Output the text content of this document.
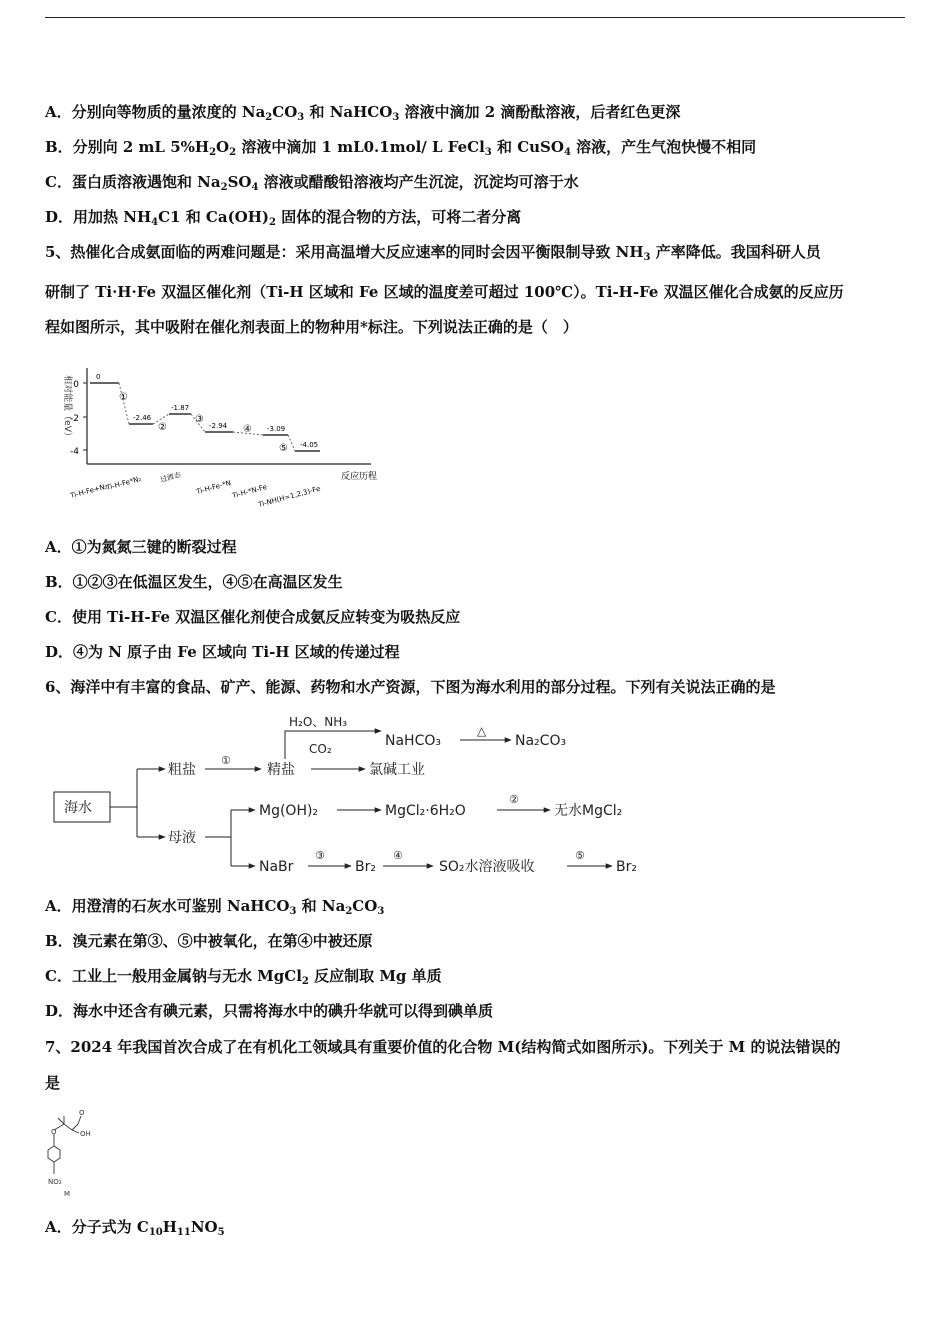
A．分别向等物质的量浓度的 $Na_2CO_3$ 和 NaHCO$_3$ 溶液中滴加 2 滴酚酞溶液，后者红色更深
B．分别向 2 mL $5\%H_2O_2$ 溶液中滴加 1 mL0.1mol/ L FeCl$_3$ 和 CuSO$_4$ 溶液，产生气泡快慢不相同
C．蛋白质溶液遇饱和 $Na_2SO_4$ 溶液或醋酸铅溶液均产生沉淀，沉淀均可溶于水
D．用加热 $NH_4C1$ 和 $Ca(OH)_2$ 固体的混合物的方法，可将二者分离
5、热催化合成氨面临的两难问题是：采用高温增大反应速率的同时会因平衡限制导致 $NH_3$ 产率降低。我国科研人员
研制了 Ti·H·Fe 双温区催化剂（Ti-H 区域和 Fe 区域的温度差可超过 100℃）。Ti-H-Fe 双温区催化合成氨的反应历
程如图所示，其中吸附在催化剂表面上的物种用*标注。下列说法正确的是（　）
相对能量（eV） 0
-2
-4
反应历程
0
-2.46
-1.87
-2.94	-3.09
-4.05
①
②
③
④
⑤
Ti-H-Fe+N₂
Ti-H-Fe*N₂ 过渡态
Ti-H-Fe-*N Ti-H-*N-Fe
Ti-NH(H=1,2,3)-Fe
A．①为氮氮三键的断裂过程
B．①②③在低温区发生，④⑤在高温区发生
C．使用 Ti-H-Fe 双温区催化剂使合成氨反应转变为吸热反应
D．④为 N 原子由 Fe 区域向 Ti-H 区域的传递过程
6、海洋中有丰富的食品、矿产、能源、药物和水产资源，下图为海水利用的部分过程。下列有关说法正确的是
海水
粗盐
①
精盐
H₂O、NH₃
CO₂	NaHCO₃
△
Na₂CO₃
氯碱工业
母液
Mg(OH)₂	MgCl₂·6H₂O
②
无水MgCl₂
NaBr
③
Br₂
④
SO₂水溶液吸收
⑤
Br₂
A．用澄清的石灰水可鉴别 NaHCO$_3$ 和 $Na_2CO_3$
B．溴元素在第③、⑤中被氧化，在第④中被还原
C．工业上一般用金属钠与无水 MgCl$_2$ 反应制取 Mg 单质
D．海水中还含有碘元素，只需将海水中的碘升华就可以得到碘单质
7、2024 年我国首次合成了在有机化工领域具有重要价值的化合物 M(结构简式如图所示)。下列关于 M 的说法错误的
是
O
OH
O
NO₂
M
A．分子式为 $C_{10}H_{11}NO_5$
